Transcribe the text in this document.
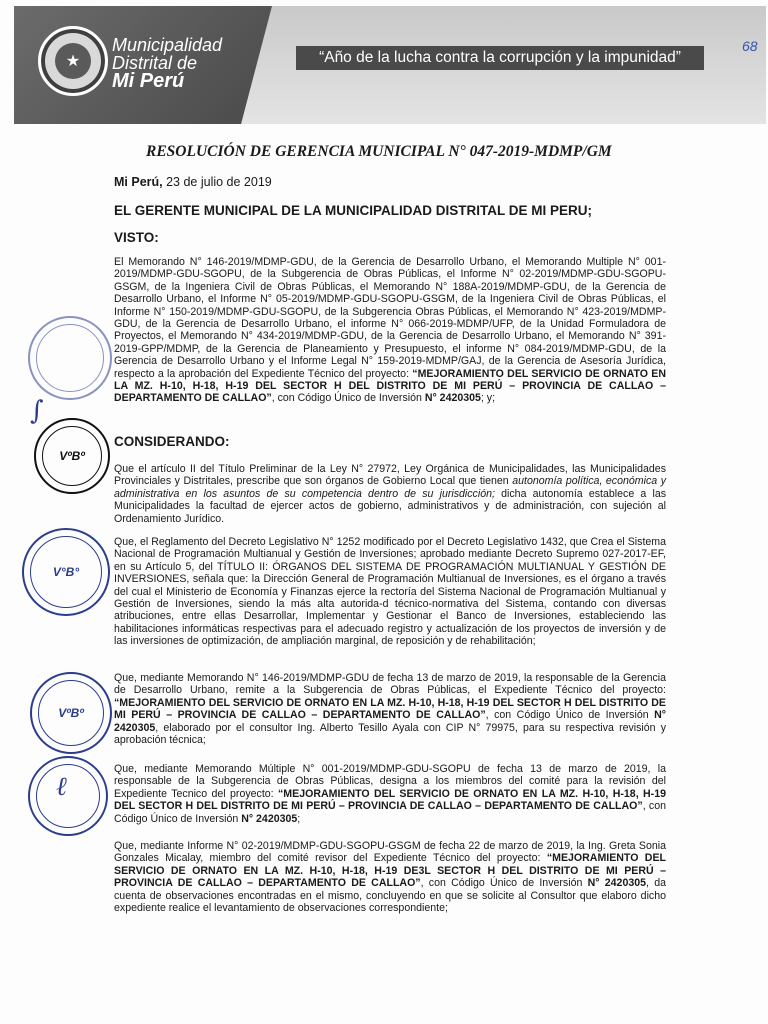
★
Municipalidad
Distrital de
Mi Perú
“Año de la lucha contra la corrupción y la impunidad”
68
RESOLUCIÓN DE GERENCIA MUNICIPAL N° 047-2019-MDMP/GM
Mi Perú, 23 de julio de 2019
EL GERENTE MUNICIPAL DE LA MUNICIPALIDAD DISTRITAL DE MI PERU;
VISTO:
El Memorando N° 146-2019/MDMP-GDU, de la Gerencia de Desarrollo Urbano, el Memorando Multiple N° 001-2019/MDMP-GDU-SGOPU, de la Subgerencia de Obras Públicas, el Informe N° 02-2019/MDMP-GDU-SGOPU-GSGM, de la Ingeniera Civil de Obras Públicas, el Memorando N° 188A-2019/MDMP-GDU, de la Gerencia de Desarrollo Urbano, el Informe N° 05-2019/MDMP-GDU-SGOPU-GSGM, de la Ingeniera Civil de Obras Públicas, el Informe N° 150-2019/MDMP-GDU-SGOPU, de la Subgerencia Obras Públicas, el Memorando N° 423-2019/MDMP-GDU, de la Gerencia de Desarrollo Urbano, el informe N° 066-2019-MDMP/UFP, de la Unidad Formuladora de Proyectos, el Memorando N° 434-2019/MDMP-GDU, de la Gerencia de Desarrollo Urbano, el Memorando N° 391-2019-GPP/MDMP, de la Gerencia de Planeamiento y Presupuesto, el informe N° 084-2019/MDMP-GDU, de la Gerencia de Desarrollo Urbano y el Informe Legal N° 159-2019-MDMP/GAJ, de la Gerencia de Asesoría Jurídica, respecto a la aprobación del Expediente Técnico del proyecto: “MEJORAMIENTO DEL SERVICIO DE ORNATO EN LA MZ. H-10, H-18, H-19 DEL SECTOR H DEL DISTRITO DE MI PERÚ – PROVINCIA DE CALLAO – DEPARTAMENTO DE CALLAO”, con Código Único de Inversión N° 2420305; y;
CONSIDERANDO:
Que el artículo II del Título Preliminar de la Ley N° 27972, Ley Orgánica de Municipalidades, las Municipalidades Provinciales y Distritales, prescribe que son órganos de Gobierno Local que tienen autonomía política, económica y administrativa en los asuntos de su competencia dentro de su jurisdicción; dicha autonomía establece a las Municipalidades la facultad de ejercer actos de gobierno, administrativos y de administración, con sujeción al Ordenamiento Jurídico.
Que, el Reglamento del Decreto Legislativo N° 1252 modificado por el Decreto Legislativo 1432, que Crea el Sistema Nacional de Programación Multianual y Gestión de Inversiones; aprobado mediante Decreto Supremo 027-2017-EF, en su Artículo 5, del TÍTULO II: ÓRGANOS DEL SISTEMA DE PROGRAMACIÓN MULTIANUAL Y GESTIÓN DE INVERSIONES, señala que: la Dirección General de Programación Multianual de Inversiones, es el órgano a través del cual el Ministerio de Economía y Finanzas ejerce la rectoría del Sistema Nacional de Programación Multianual y Gestión de Inversiones, siendo la más alta autorida-d técnico-normativa del Sistema, contando con diversas atribuciones, entre ellas Desarrollar, Implementar y Gestionar el Banco de Inversiones, estableciendo las habilitaciones informáticas respectivas para el adecuado registro y actualización de los proyectos de inversión y de las inversiones de optimización, de ampliación marginal, de reposición y de rehabilitación;
Que, mediante Memorando N° 146-2019/MDMP-GDU de fecha 13 de marzo de 2019, la responsable de la Gerencia de Desarrollo Urbano, remite a la Subgerencia de Obras Públicas, el Expediente Técnico del proyecto: “MEJORAMIENTO DEL SERVICIO DE ORNATO EN LA MZ. H-10, H-18, H-19 DEL SECTOR H DEL DISTRITO DE MI PERÚ – PROVINCIA DE CALLAO – DEPARTAMENTO DE CALLAO”, con Código Único de Inversión N° 2420305, elaborado por el consultor Ing. Alberto Tesillo Ayala con CIP N° 79975, para su respectiva revisión y aprobación técnica;
Que, mediante Memorando Múltiple N° 001-2019/MDMP-GDU-SGOPU de fecha 13 de marzo de 2019, la responsable de la Subgerencia de Obras Públicas, designa a los miembros del comité para la revisión del Expediente Tecnico del proyecto: “MEJORAMIENTO DEL SERVICIO DE ORNATO EN LA MZ. H-10, H-18, H-19 DEL SECTOR H DEL DISTRITO DE MI PERÚ – PROVINCIA DE CALLAO – DEPARTAMENTO DE CALLAO”, con Código Único de Inversión N° 2420305;
Que, mediante Informe N° 02-2019/MDMP-GDU-SGOPU-GSGM de fecha 22 de marzo de 2019, la Ing. Greta Sonia Gonzales Micalay, miembro del comité revisor del Expediente Técnico del proyecto: “MEJORAMIENTO DEL SERVICIO DE ORNATO EN LA MZ. H-10, H-18, H-19 DE3L SECTOR H DEL DISTRITO DE MI PERÚ – PROVINCIA DE CALLAO – DEPARTAMENTO DE CALLAO”, con Código Único de Inversión N° 2420305, da cuenta de observaciones encontradas en el mismo, concluyendo en que se solicite al Consultor que elaboro dicho expediente realice el levantamiento de observaciones correspondiente;
VºBº
∫
V°B°
VºBº
ℓ
